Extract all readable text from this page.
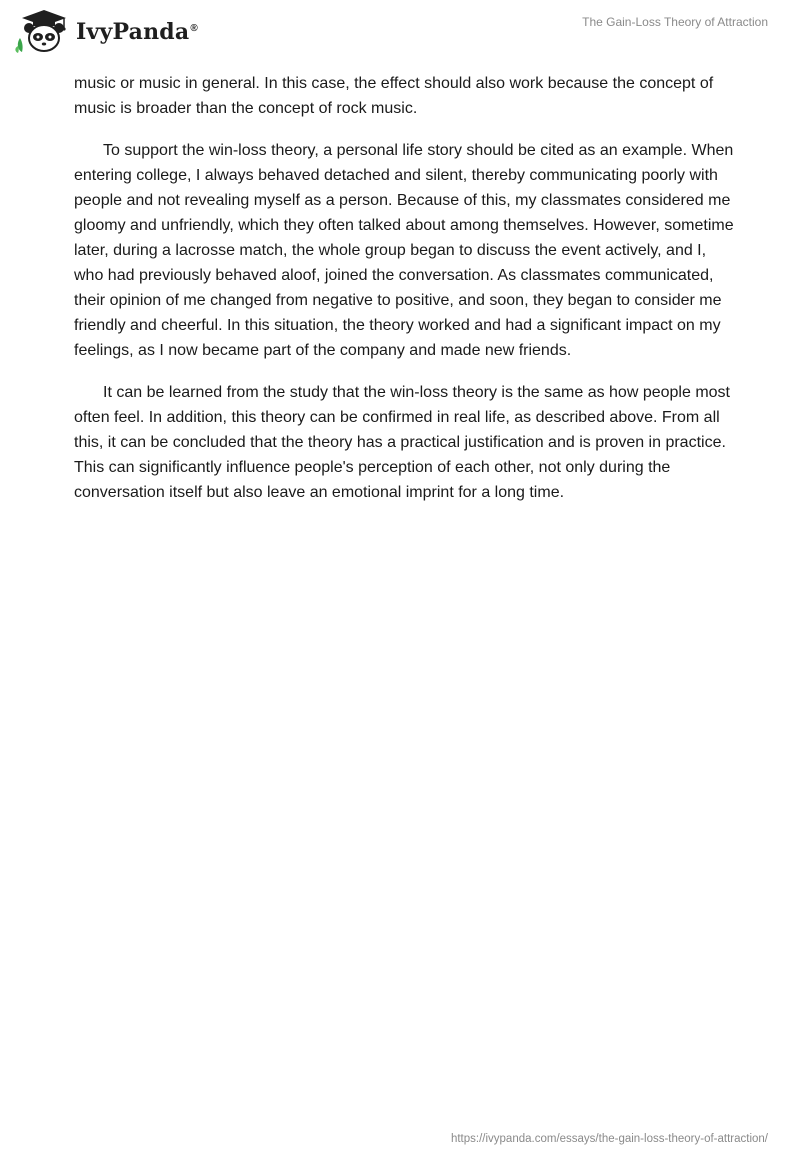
IvyPanda®	The Gain-Loss Theory of Attraction

music or music in general. In this case, the effect should also work because the concept of music is broader than the concept of rock music.

To support the win-loss theory, a personal life story should be cited as an example. When entering college, I always behaved detached and silent, thereby communicating poorly with people and not revealing myself as a person. Because of this, my classmates considered me gloomy and unfriendly, which they often talked about among themselves. However, sometime later, during a lacrosse match, the whole group began to discuss the event actively, and I, who had previously behaved aloof, joined the conversation. As classmates communicated, their opinion of me changed from negative to positive, and soon, they began to consider me friendly and cheerful. In this situation, the theory worked and had a significant impact on my feelings, as I now became part of the company and made new friends.

It can be learned from the study that the win-loss theory is the same as how people most often feel. In addition, this theory can be confirmed in real life, as described above. From all this, it can be concluded that the theory has a practical justification and is proven in practice. This can significantly influence people's perception of each other, not only during the conversation itself but also leave an emotional imprint for a long time.

https://ivypanda.com/essays/the-gain-loss-theory-of-attraction/
